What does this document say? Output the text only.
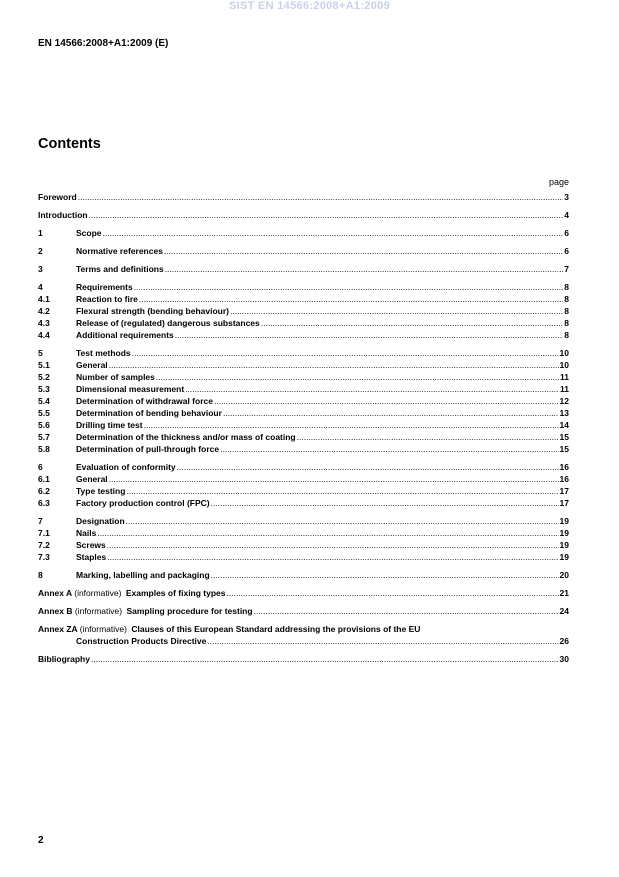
SIST EN 14566:2008+A1:2009
EN 14566:2008+A1:2009 (E)
Contents
page
Foreword .....	3
Introduction .....	4
1	Scope .....	6
2	Normative references .....	6
3	Terms and definitions .....	7
4	Requirements .....	8
4.1	Reaction to fire .....	8
4.2	Flexural strength (bending behaviour) .....	8
4.3	Release of (regulated) dangerous substances .....	8
4.4	Additional requirements .....	8
5	Test methods .....	10
5.1	General .....	10
5.2	Number of samples .....	11
5.3	Dimensional measurement .....	11
5.4	Determination of withdrawal force .....	12
5.5	Determination of bending behaviour .....	13
5.6	Drilling time test .....	14
5.7	Determination of the thickness and/or mass of coating .....	15
5.8	Determination of pull-through force .....	15
6	Evaluation of conformity .....	16
6.1	General .....	16
6.2	Type testing .....	17
6.3	Factory production control (FPC) .....	17
7	Designation .....	19
7.1	Nails .....	19
7.2	Screws .....	19
7.3	Staples .....	19
8	Marking, labelling and packaging .....	20
Annex A (informative) Examples of fixing types .....	21
Annex B (informative) Sampling procedure for testing .....	24
Annex ZA (informative) Clauses of this European Standard addressing the provisions of the EU
Construction Products Directive .....	26
Bibliography .....	30
2
